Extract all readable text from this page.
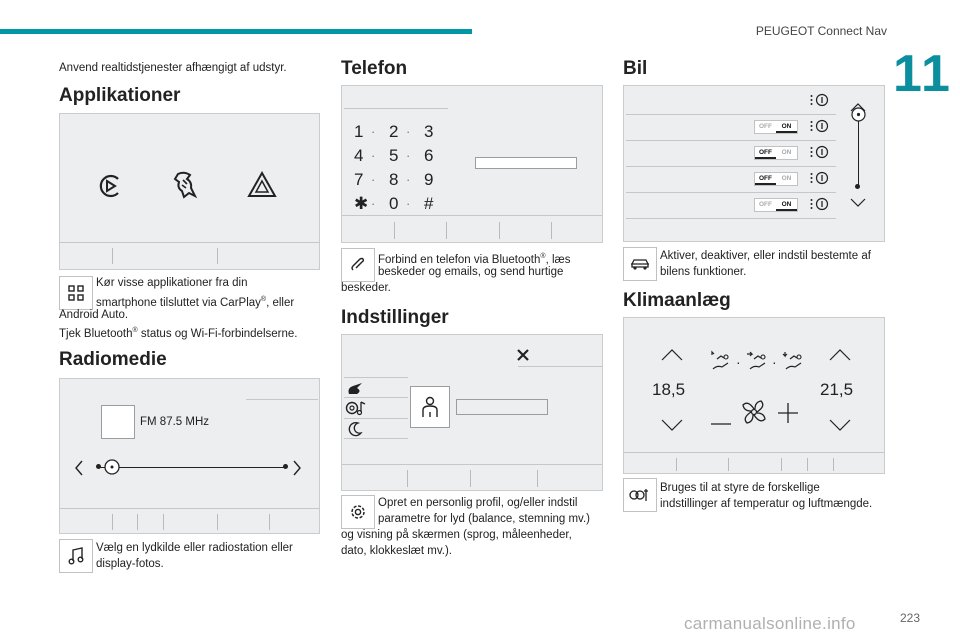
PEUGEOT Connect Nav
11
Anvend realtidstjenester afhængigt af udstyr.
Applikationer
Kør visse applikationer fra din
smartphone tilsluttet via CarPlay®, eller
Android Auto.
Tjek Bluetooth® status og Wi-Fi-forbindelserne.
Radiomedie
FM 87.5 MHz
Vælg en lydkilde eller radiostation eller
display-fotos.
Telefon
1 · 2 · 3
4 · 5 · 6
7 · 8 · 9
✱ · 0 · #
Forbind en telefon via Bluetooth®, læs
beskeder og emails, og send hurtige
beskeder.
Indstillinger
Opret en personlig profil, og/eller indstil
parametre for lyd (balance, stemning mv.)
og visning på skærmen (sprog, måleenheder,
dato, klokkeslæt mv.).
Bil
OFF	ON
OFF	ON
OFF	ON
OFF	ON
Aktiver, deaktiver, eller indstil bestemte af
bilens funktioner.
Klimaanlæg
· ·
18,5	21,5
Bruges til at styre de forskellige
indstillinger af temperatur og luftmængde.
carmanualsonline.info	223
